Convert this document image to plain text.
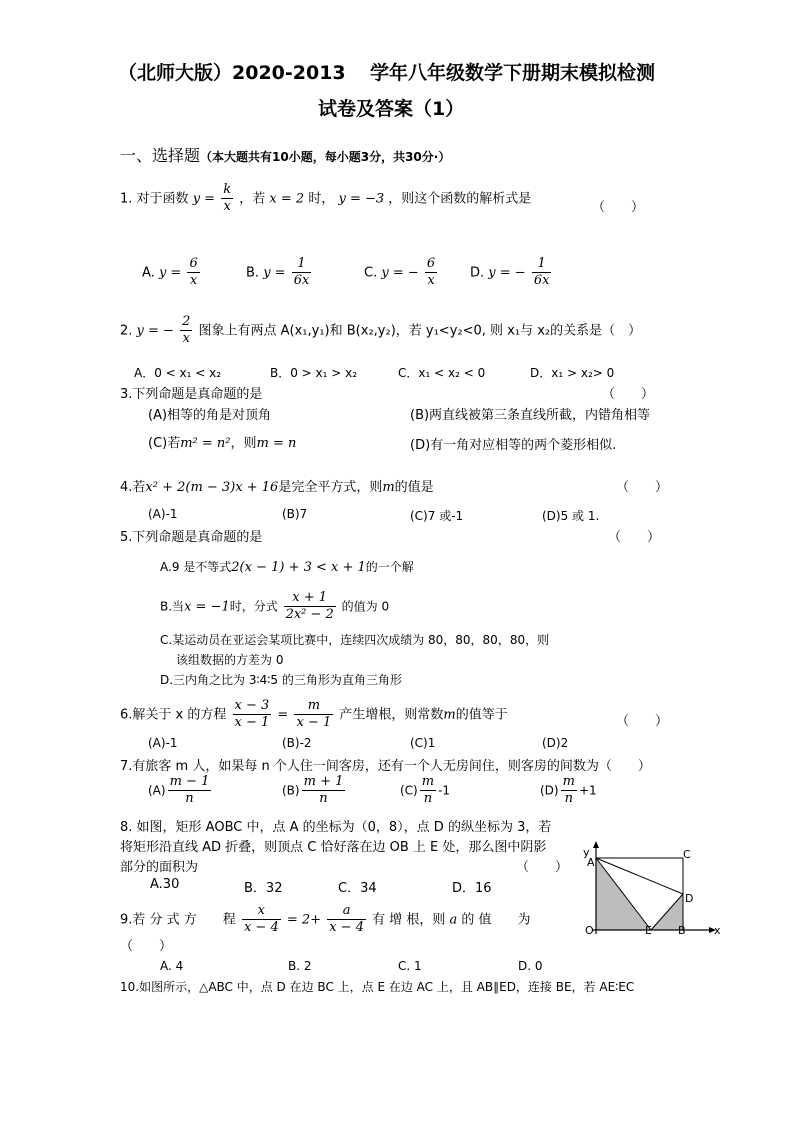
（北师大版）2020-2013 学年八年级数学下册期末模拟检测
试卷及答案（1）
一、选择题（本大题共有10小题，每小题3分，共30分·）
1. 对于函数 $y = \frac{k}{x}$ ，若 x = 2 时， y = −3 ，则这个函数的解析式是
（　　）
A. $y = \frac{6}{x}$	B. $y = \frac{1}{6x}$	C. y = − $\frac{6}{x}$	D. y = − $\frac{1}{6x}$
2. y = − $\frac{2}{x}$ 图象上有两点 A(x₁,y₁)和 B(x₂,y₂)，若 y₁<y₂<0, 则 x₁与 x₂的关系是（　）
A．0 < x₁ < x₂	B．0 > x₁ > x₂	C．x₁ < x₂ < 0	D．x₁ > x₂> 0
3.下列命题是真命题的是	（　　）
(A)相等的角是对顶角	(B)两直线被第三条直线所截，内错角相等
(C)若m² = n²，则m = n	(D)有一角对应相等的两个菱形相似.
4.若x² + 2(m − 3)x + 16是完全平方式，则m的值是	（　　）
(A)-1	(B)7	(C)7 或-1	(D)5 或 1.
5.下列命题是真命题的是	（　　）
A.9 是不等式2(x − 1) + 3 < x + 1的一个解
B.当x = −1时，分式 $\frac{x + 1}{\text{2x² − 2}}$ 的值为 0
C.某运动员在亚运会某项比赛中，连续四次成绩为 80，80，80，80，则
该组数据的方差为 0
D.三内角之比为 3∶4∶5 的三角形为直角三角形
6.解关于 x 的方程 $\frac{x - 3}{x - 1} = \frac{m}{x - 1}$ 产生增根，则常数m的值等于	（　　）
(A)-1	(B)-2	(C)1	(D)2
7.有旅客 m 人，如果每 n 个人住一间客房，还有一个人无房间住，则客房的间数为（　　）
$(A) \frac{m - 1}{n}$	$(B) \frac{m + 1}{n}$	$(C) \frac{m}{n} -1$	$(D) \frac{m}{n} +1$
8. 如图，矩形 AOBC 中，点 A 的坐标为（0，8），点 D 的纵坐标为 3，若
将矩形沿直线 AD 折叠，则顶点 C 恰好落在边 OB 上 E 处，那么图中阴影
部分的面积为	（　　）
A.30	B．32	C．34	D．16
y
A
C
D
O	E B	x
9.若 分 式 方　　程 $\frac{x}{x - 4} = 2+ \frac{a}{x - 4}$ 有 增 根，则 a 的 值　　为
（　　）
A. 4	B. 2	C. 1	D. 0
10.如图所示，△ABC 中，点 D 在边 BC 上，点 E 在边 AC 上，且 AB∥ED，连接 BE，若 AE∶EC
